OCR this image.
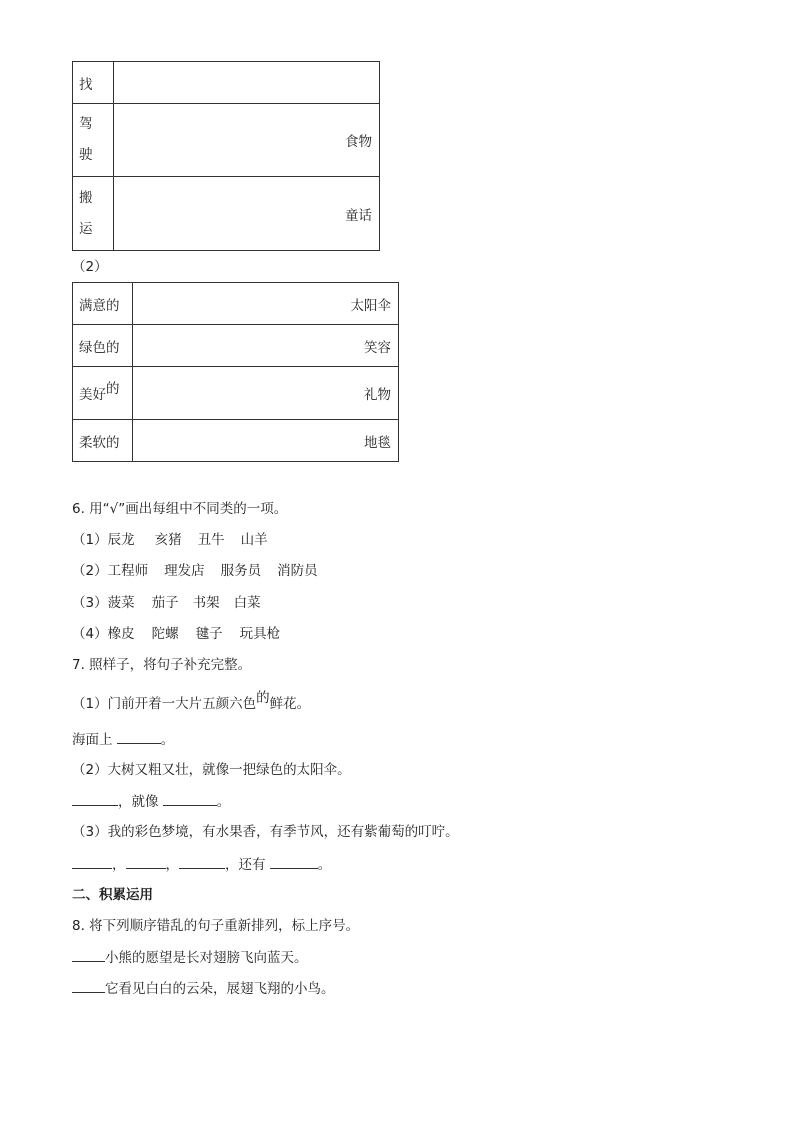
找	

驾
驶	食物

搬
运	童话
（2）
满意的	太阳伞
绿色的	笑容
美好的	礼物
柔软的	地毯
6. 用“√”画出每组中不同类的一项。
（1）辰龙 亥猪 丑牛 山羊
（2）工程师 理发店 服务员 消防员
（3）菠菜 茄子 书架 白菜
（4）橡皮 陀螺 毽子 玩具枪
7. 照样子，将句子补充完整。
（1）门前开着一大片五颜六色的鲜花。
海面上	。
（2）大树又粗又壮，就像一把绿色的太阳伞。
，就像	。
（3）我的彩色梦境，有水果香，有季节风，还有紫葡萄的叮咛。
，	，	，还有	。
二、积累运用
8. 将下列顺序错乱的句子重新排列，标上序号。
小熊的愿望是长对翅膀飞向蓝天。
它看见白白的云朵，展翅飞翔的小鸟。
